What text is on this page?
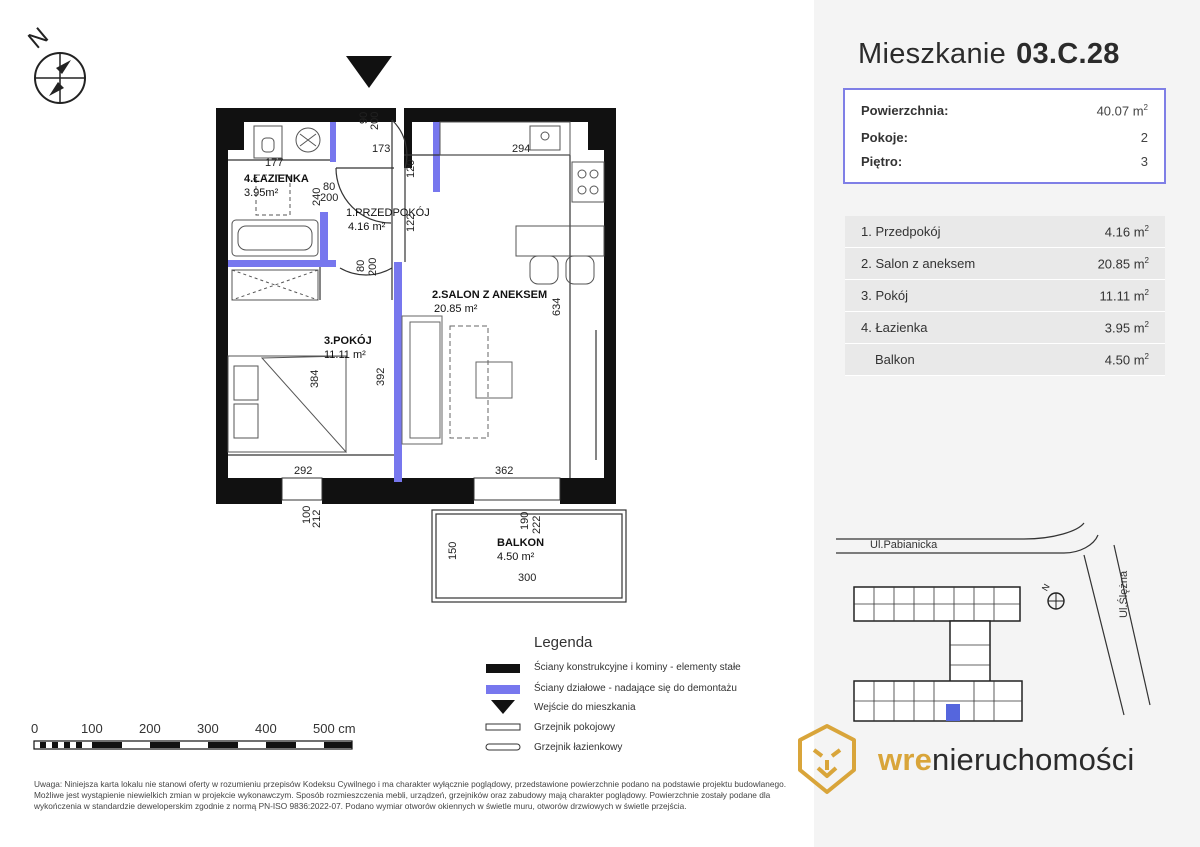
N
177
173	294
80
200
240
90 200
120
122
80 200
634
384	392
292	362
100
212	190 222
150
300
4.ŁAZIENKA
3.95m²
1.PRZEDPOKÓJ
4.16 m²
2.SALON Z ANEKSEM
20.85 m²
3.POKÓJ
11.11 m²
BALKON
4.50 m²
Legenda
Ściany konstrukcyjne i kominy - elementy stałe
Ściany działowe - nadające się do demontażu
Wejście do mieszkania
Grzejnik pokojowy
Grzejnik łazienkowy
0	100	200	300	400	500 cm
Uwaga: Niniejsza karta lokalu nie stanowi oferty w rozumieniu przepisów Kodeksu Cywilnego i ma charakter wyłącznie poglądowy, przedstawione powierzchnie podano na podstawie projektu budowlanego. Możliwe jest wystąpienie niewielkich zmian w projekcie wykonawczym. Sposób rozmieszczenia mebli, urządzeń, grzejników oraz zabudowy mają charakter poglądowy. Powierzchnie zostały podane dla wykończenia w standardzie deweloperskim zgodnie z normą PN-ISO 9836:2022-07. Podano wymiar otworów okiennych w świetle muru, otworów drzwiowych w świetle przejścia.
Mieszkanie 03.C.28
Powierzchnia:	40.07 $m^2$
Pokoje:	2
Piętro:	3
1. Przedpokój	4.16 $m^2$
2. Salon z aneksem	20.85 $m^2$
3. Pokój	11.11 $m^2$
4. Łazienka	3.95 $m^2$
Balkon	4.50 $m^2$
N
Ul.Pabianicka
Ul.Ślężna
wrenieruchomości
